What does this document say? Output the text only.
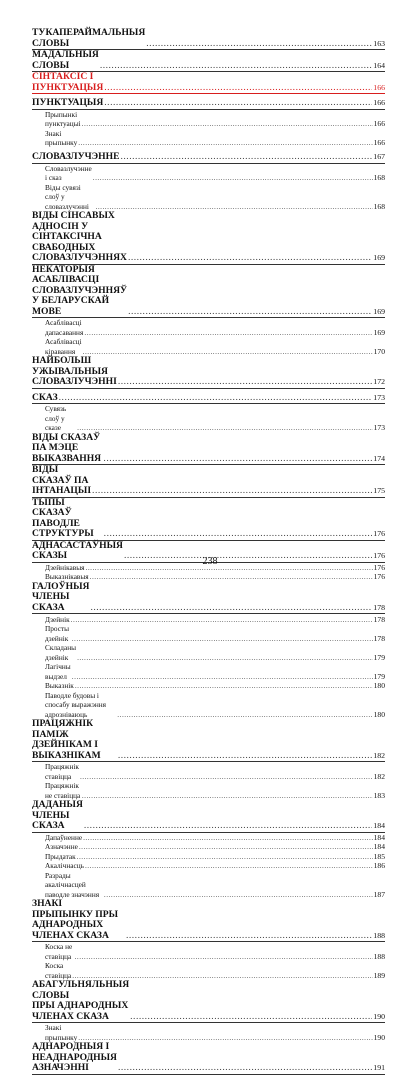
ТУКАПЕРАЙМАЛЬНЫЯ СЛОВЫ .....	163
МАДАЛЬНЫЯ СЛОВЫ .....	164
СІНТАКСІС І ПУНКТУАЦЫЯ .....	166
ПУНКТУАЦЫЯ .....	166
Прыпынкі пунктуацыі .....	166
Знакі прыпынку .....	166
СЛОВАЗЛУЧЭННЕ .....	167
Словазлучэнне і сказ .....	168
Віды сувязі слоў у словазлучэнні .....	168
ВІДЫ СІНСАВЫХ АДНОСІН У СІНТАКСІЧНА
СВАБОДНЫХ СЛОВАЗЛУЧЭННЯХ .....	169
НЕКАТОРЫЯ АСАБЛІВАСЦІ
СЛОВАЗЛУЧЭННЯЎ У БЕЛАРУСКАЙ МОВЕ .....	169
Асаблівасці дапасавання .....	169
Асаблівасці кіравання .....	170
НАЙБОЛЬШ УЖЫВАЛЬНЫЯ СЛОВАЗЛУЧЭННІ .....	172
СКАЗ .....	173
Сувязь слоў у сказе .....	173
ВІДЫ СКАЗАЎ ПА МЭЦЕ ВЫКАЗВАННЯ .....	174
ВІДЫ СКАЗАЎ ПА ІНТАНАЦЫІ .....	175
ТЫПЫ СКАЗАЎ ПАВОДЛЕ СТРУКТУРЫ .....	176
АДНАСАСТАЎНЫЯ СКАЗЫ .....	176
Дзейнікавыя .....	176
Выказнікавыя .....	176
ГАЛОЎНЫЯ ЧЛЕНЫ СКАЗА .....	178
Дзейнік .....	178
Просты дзейнік .....	178
Складаны дзейнік .....	179
Лагічны выдзел .....	179
Выказнік .....	180
Паводле будовы і спосабу выражэння адрозніваюць .....	180
ПРАЦЯЖНІК ПАМІЖ ДЗЕЙНІКАМ І ВЫКАЗНІКАМ .....	182
Працяжнік ставіцца .....	182
Працяжнік не ставіцца .....	183
ДАДАНЫЯ ЧЛЕНЫ СКАЗА .....	184
Дапаўненне .....	184
Азначэнне .....	184
Прыдатак .....	185
Акалічнасць .....	186
Разрады акалічнасцей паводле значэння .....	187
ЗНАКІ ПРЫПЫНКУ ПРЫ АДНАРОДНЫХ ЧЛЕНАХ СКАЗА .....	188
Коска не ставіцца .....	188
Коска ставіцца .....	189
АБАГУЛЬНЯЛЬНЫЯ СЛОВЫ
ПРЫ АДНАРОДНЫХ ЧЛЕНАХ СКАЗА .....	190
Знакі прыпынку .....	190
АДНАРОДНЫЯ І НЕАДНАРОДНЫЯ АЗНАЧЭННІ .....	191
238
